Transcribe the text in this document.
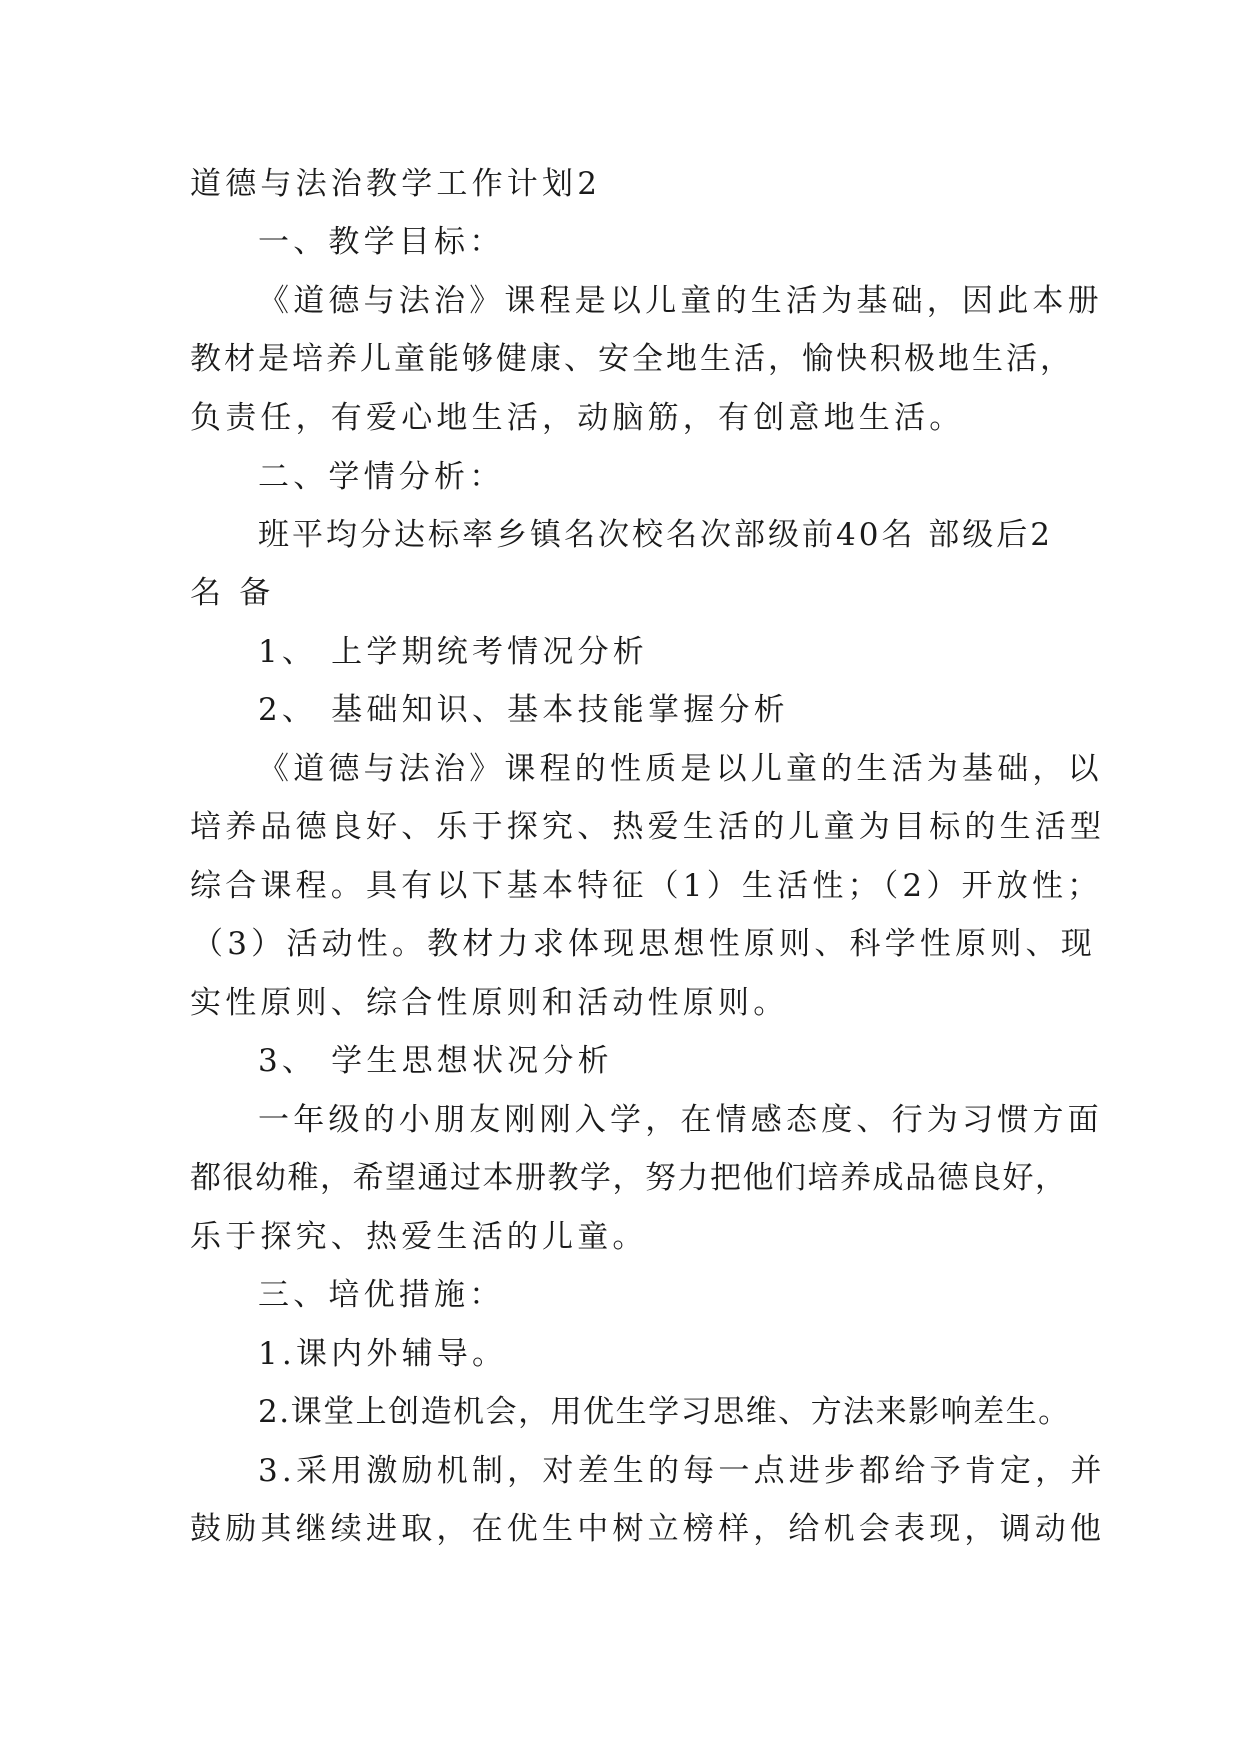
道德与法治教学工作计划2

一、教学目标：

《道德与法治》课程是以儿童的生活为基础，因此本册

教材是培养儿童能够健康、安全地生活，愉快积极地生活，

负责任，有爱心地生活，动脑筋，有创意地生活。

二、学情分析：

班平均分达标率乡镇名次校名次部级前40名 部级后2

名 备

1、 上学期统考情况分析

2、 基础知识、基本技能掌握分析

《道德与法治》课程的性质是以儿童的生活为基础，以

培养品德良好、乐于探究、热爱生活的儿童为目标的生活型

综合课程。具有以下基本特征（1）生活性；（2）开放性；

（3）活动性。教材力求体现思想性原则、科学性原则、现

实性原则、综合性原则和活动性原则。

3、 学生思想状况分析

一年级的小朋友刚刚入学，在情感态度、行为习惯方面

都很幼稚，希望通过本册教学，努力把他们培养成品德良好，

乐于探究、热爱生活的儿童。

三、培优措施：

1.课内外辅导。

2.课堂上创造机会，用优生学习思维、方法来影响差生。

3.采用激励机制，对差生的每一点进步都给予肯定，并

鼓励其继续进取，在优生中树立榜样，给机会表现，调动他
